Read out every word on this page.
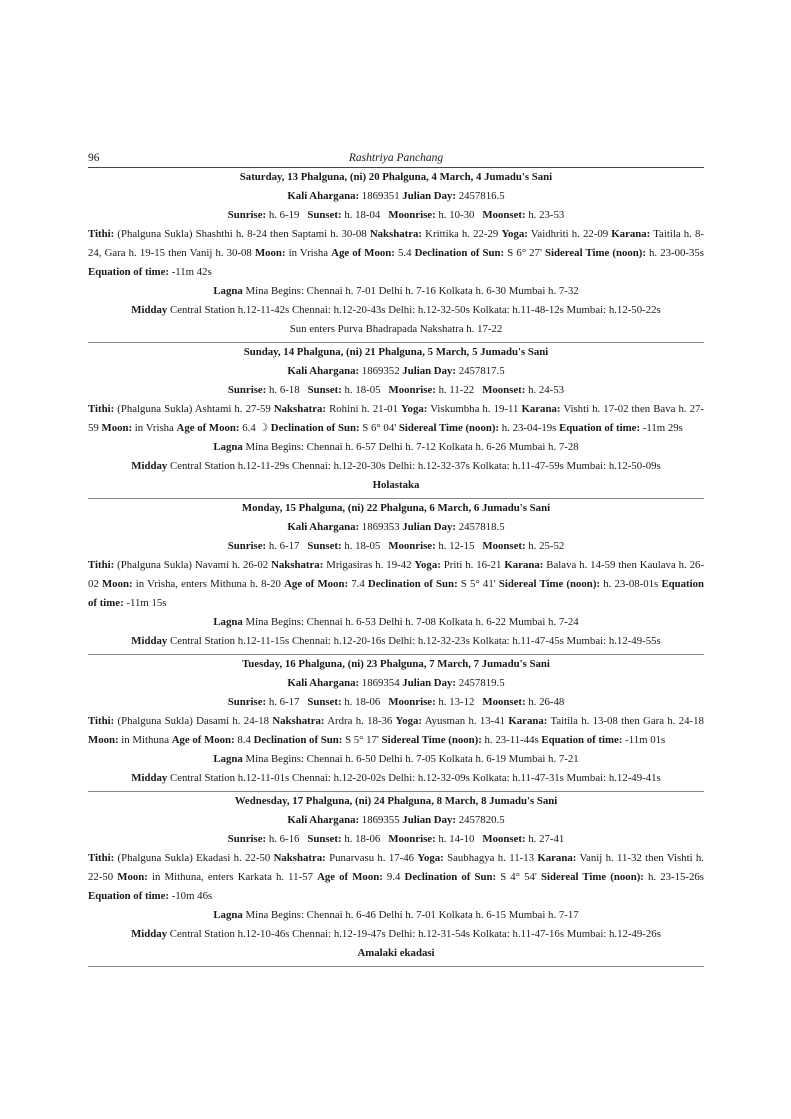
96	Rashtriya Panchang
Saturday, 13 Phalguna, (ni) 20 Phalguna, 4 March, 4 Jumadu's Sani
Kali Ahargana: 1869351 Julian Day: 2457816.5
Sunrise: h. 6-19 Sunset: h. 18-04 Moonrise: h. 10-30 Moonset: h. 23-53
Tithi: (Phalguna Sukla) Shashthi h. 8-24 then Saptami h. 30-08 Nakshatra: Krittika h. 22-29 Yoga: Vaidhriti h. 22-09 Karana: Taitila h. 8-24, Gara h. 19-15 then Vanij h. 30-08 Moon: in Vrisha Age of Moon: 5.4 Declination of Sun: S 6° 27' Sidereal Time (noon): h. 23-00-35s Equation of time: -11m 42s
Lagna Mina Begins: Chennai h. 7-01 Delhi h. 7-16 Kolkata h. 6-30 Mumbai h. 7-32
Midday Central Station h.12-11-42s Chennai: h.12-20-43s Delhi: h.12-32-50s Kolkata: h.11-48-12s Mumbai: h.12-50-22s
Sun enters Purva Bhadrapada Nakshatra h. 17-22
Sunday, 14 Phalguna, (ni) 21 Phalguna, 5 March, 5 Jumadu's Sani
Kali Ahargana: 1869352 Julian Day: 2457817.5
Sunrise: h. 6-18 Sunset: h. 18-05 Moonrise: h. 11-22 Moonset: h. 24-53
Tithi: (Phalguna Sukla) Ashtami h. 27-59 Nakshatra: Rohini h. 21-01 Yoga: Viskumbha h. 19-11 Karana: Vishti h. 17-02 then Bava h. 27-59 Moon: in Vrisha Age of Moon: 6.4 ☽ Declination of Sun: S 6° 04' Sidereal Time (noon): h. 23-04-19s Equation of time: -11m 29s
Lagna Mina Begins: Chennai h. 6-57 Delhi h. 7-12 Kolkata h. 6-26 Mumbai h. 7-28
Midday Central Station h.12-11-29s Chennai: h.12-20-30s Delhi: h.12-32-37s Kolkata: h.11-47-59s Mumbai: h.12-50-09s
Holastaka
Monday, 15 Phalguna, (ni) 22 Phalguna, 6 March, 6 Jumadu's Sani
Kali Ahargana: 1869353 Julian Day: 2457818.5
Sunrise: h. 6-17 Sunset: h. 18-05 Moonrise: h. 12-15 Moonset: h. 25-52
Tithi: (Phalguna Sukla) Navami h. 26-02 Nakshatra: Mrigasiras h. 19-42 Yoga: Priti h. 16-21 Karana: Balava h. 14-59 then Kaulava h. 26-02 Moon: in Vrisha, enters Mithuna h. 8-20 Age of Moon: 7.4 Declination of Sun: S 5° 41' Sidereal Time (noon): h. 23-08-01s Equation of time: -11m 15s
Lagna Mina Begins: Chennai h. 6-53 Delhi h. 7-08 Kolkata h. 6-22 Mumbai h. 7-24
Midday Central Station h.12-11-15s Chennai: h.12-20-16s Delhi: h.12-32-23s Kolkata: h.11-47-45s Mumbai: h.12-49-55s
Tuesday, 16 Phalguna, (ni) 23 Phalguna, 7 March, 7 Jumadu's Sani
Kali Ahargana: 1869354 Julian Day: 2457819.5
Sunrise: h. 6-17 Sunset: h. 18-06 Moonrise: h. 13-12 Moonset: h. 26-48
Tithi: (Phalguna Sukla) Dasami h. 24-18 Nakshatra: Ardra h. 18-36 Yoga: Ayusman h. 13-41 Karana: Taitila h. 13-08 then Gara h. 24-18 Moon: in Mithuna Age of Moon: 8.4 Declination of Sun: S 5° 17' Sidereal Time (noon): h. 23-11-44s Equation of time: -11m 01s
Lagna Mina Begins: Chennai h. 6-50 Delhi h. 7-05 Kolkata h. 6-19 Mumbai h. 7-21
Midday Central Station h.12-11-01s Chennai: h.12-20-02s Delhi: h.12-32-09s Kolkata: h.11-47-31s Mumbai: h.12-49-41s
Wednesday, 17 Phalguna, (ni) 24 Phalguna, 8 March, 8 Jumadu's Sani
Kali Ahargana: 1869355 Julian Day: 2457820.5
Sunrise: h. 6-16 Sunset: h. 18-06 Moonrise: h. 14-10 Moonset: h. 27-41
Tithi: (Phalguna Sukla) Ekadasi h. 22-50 Nakshatra: Punarvasu h. 17-46 Yoga: Saubhagya h. 11-13 Karana: Vanij h. 11-32 then Vishti h. 22-50 Moon: in Mithuna, enters Karkata h. 11-57 Age of Moon: 9.4 Declination of Sun: S 4° 54' Sidereal Time (noon): h. 23-15-26s Equation of time: -10m 46s
Lagna Mina Begins: Chennai h. 6-46 Delhi h. 7-01 Kolkata h. 6-15 Mumbai h. 7-17
Midday Central Station h.12-10-46s Chennai: h.12-19-47s Delhi: h.12-31-54s Kolkata: h.11-47-16s Mumbai: h.12-49-26s
Amalaki ekadasi
